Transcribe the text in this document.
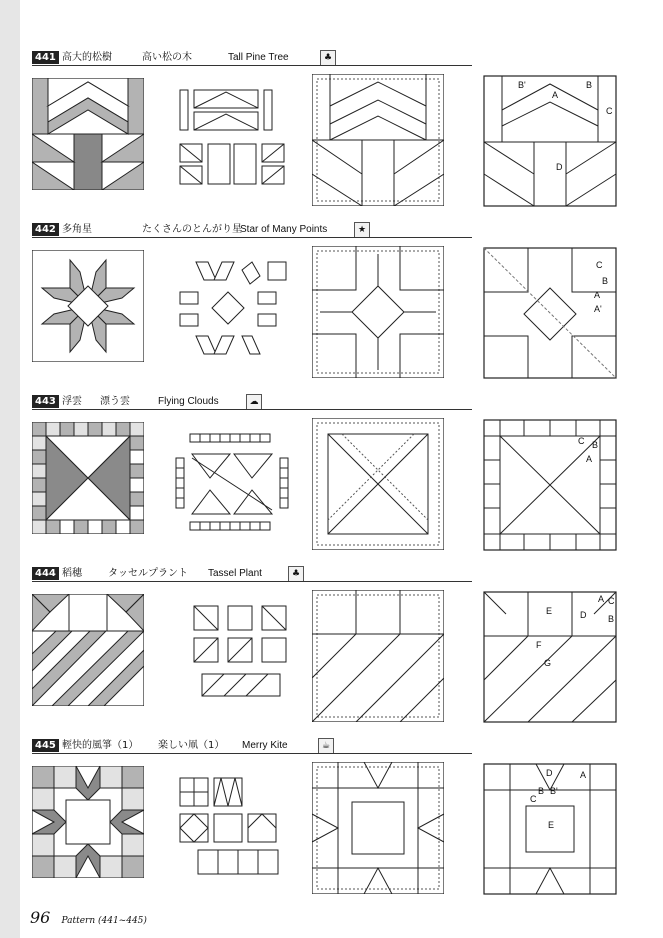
441 高大的松樹	高い松の木	Tall Pine Tree	♣
B'
A
B
C
D
442 多角星	たくさんのとんがり星
Star of Many Points	★
C
B
A
A'
443 浮雲 漂う雲	Flying Clouds	☁
C B
A
444 稻穗	タッセルプラント Tassel Plant	♣
A C
E	D B
F
G
445 輕快的風箏（1） 楽しい凧（1） Merry Kite	☕
D	A
B B'
C
E
96 Pattern (441~445)
